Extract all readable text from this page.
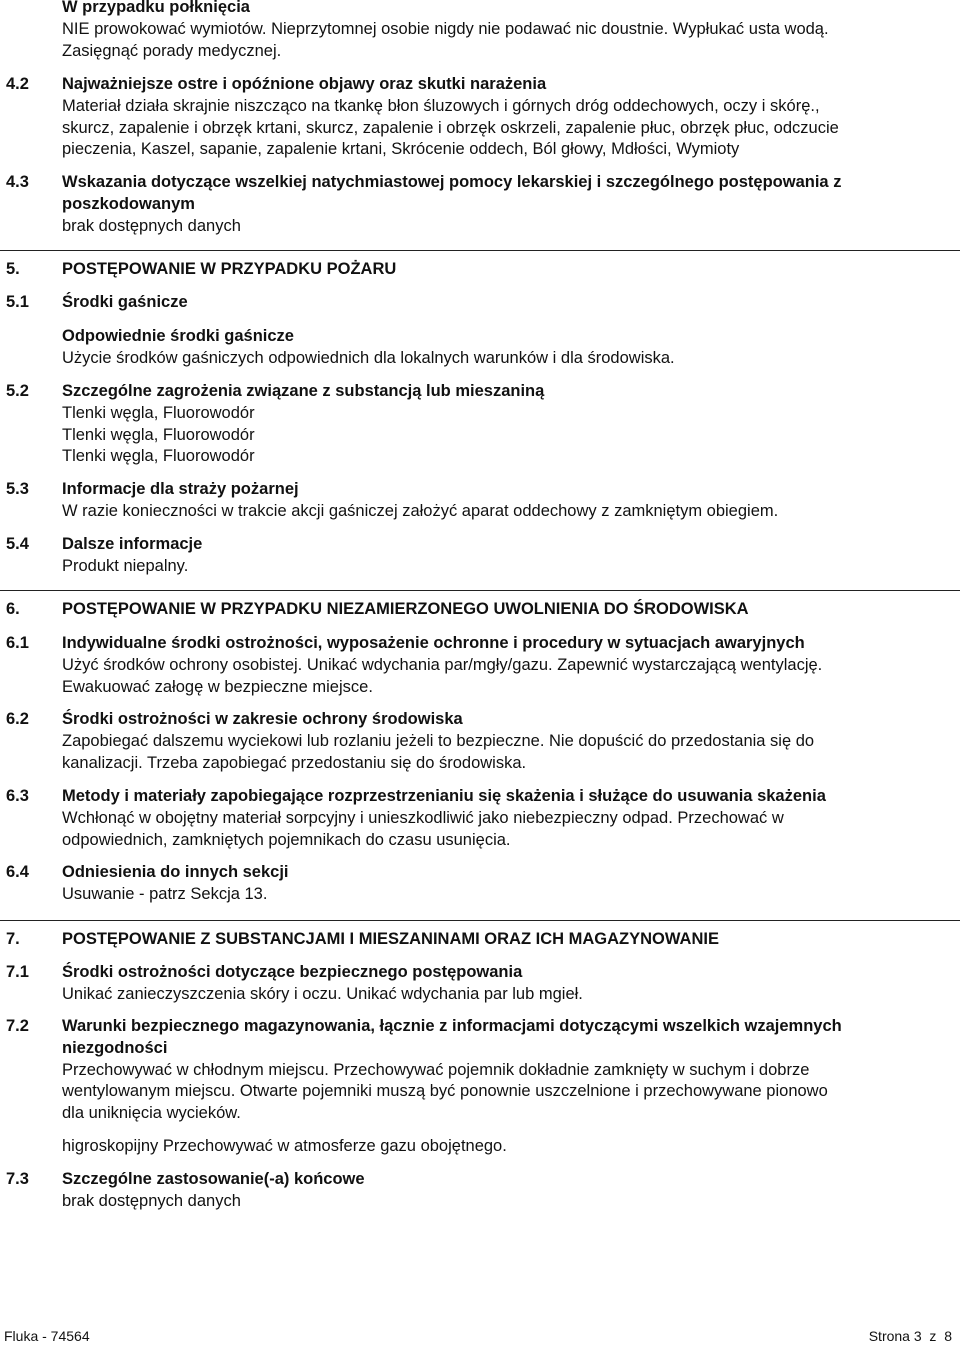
W przypadku połknięcia
NIE prowokować wymiotów. Nieprzytomnej osobie nigdy nie podawać nic doustnie. Wypłukać usta wodą.
Zasięgnąć porady medycznej.
4.2 Najważniejsze ostre i opóźnione objawy oraz skutki narażenia
Materiał działa skrajnie niszcząco na tkankę błon śluzowych i górnych dróg oddechowych, oczy i skórę.,
skurcz, zapalenie i obrzęk krtani, skurcz, zapalenie i obrzęk oskrzeli, zapalenie płuc, obrzęk płuc, odczucie
pieczenia, Kaszel, sapanie, zapalenie krtani, Skrócenie oddech, Ból głowy, Mdłości, Wymioty
4.3 Wskazania dotyczące wszelkiej natychmiastowej pomocy lekarskiej i szczególnego postępowania z
poszkodowanym
brak dostępnych danych
5.	POSTĘPOWANIE W PRZYPADKU POŻARU
5.1 Środki gaśnicze
Odpowiednie środki gaśnicze
Użycie środków gaśniczych odpowiednich dla lokalnych warunków i dla środowiska.
5.2 Szczególne zagrożenia związane z substancją lub mieszaniną
Tlenki węgla, Fluorowodór
Tlenki węgla, Fluorowodór
Tlenki węgla, Fluorowodór
5.3 Informacje dla straży pożarnej
W razie konieczności w trakcie akcji gaśniczej założyć aparat oddechowy z zamkniętym obiegiem.
5.4 Dalsze informacje
Produkt niepalny.
6.	POSTĘPOWANIE W PRZYPADKU NIEZAMIERZONEGO UWOLNIENIA DO ŚRODOWISKA
6.1 Indywidualne środki ostrożności, wyposażenie ochronne i procedury w sytuacjach awaryjnych
Użyć środków ochrony osobistej. Unikać wdychania par/mgły/gazu. Zapewnić wystarczającą wentylację.
Ewakuować załogę w bezpieczne miejsce.
6.2 Środki ostrożności w zakresie ochrony środowiska
Zapobiegać dalszemu wyciekowi lub rozlaniu jeżeli to bezpieczne. Nie dopuścić do przedostania się do
kanalizacji. Trzeba zapobiegać przedostaniu się do środowiska.
6.3 Metody i materiały zapobiegające rozprzestrzenianiu się skażenia i służące do usuwania skażenia
Wchłonąć w obojętny materiał sorpcyjny i unieszkodliwić jako niebezpieczny odpad. Przechować w
odpowiednich, zamkniętych pojemnikach do czasu usunięcia.
6.4 Odniesienia do innych sekcji
Usuwanie - patrz Sekcja 13.
7.	POSTĘPOWANIE Z SUBSTANCJAMI I MIESZANINAMI ORAZ ICH MAGAZYNOWANIE
7.1 Środki ostrożności dotyczące bezpiecznego postępowania
Unikać zanieczyszczenia skóry i oczu. Unikać wdychania par lub mgieł.
7.2 Warunki bezpiecznego magazynowania, łącznie z informacjami dotyczącymi wszelkich wzajemnych
niezgodności
Przechowywać w chłodnym miejscu. Przechowywać pojemnik dokładnie zamknięty w suchym i dobrze
wentylowanym miejscu. Otwarte pojemniki muszą być ponownie uszczelnione i przechowywane pionowo
dla uniknięcia wycieków.
higroskopijny Przechowywać w atmosferze gazu obojętnego.
7.3 Szczególne zastosowanie(-a) końcowe
brak dostępnych danych
Fluka - 74564	Strona 3  z  8
